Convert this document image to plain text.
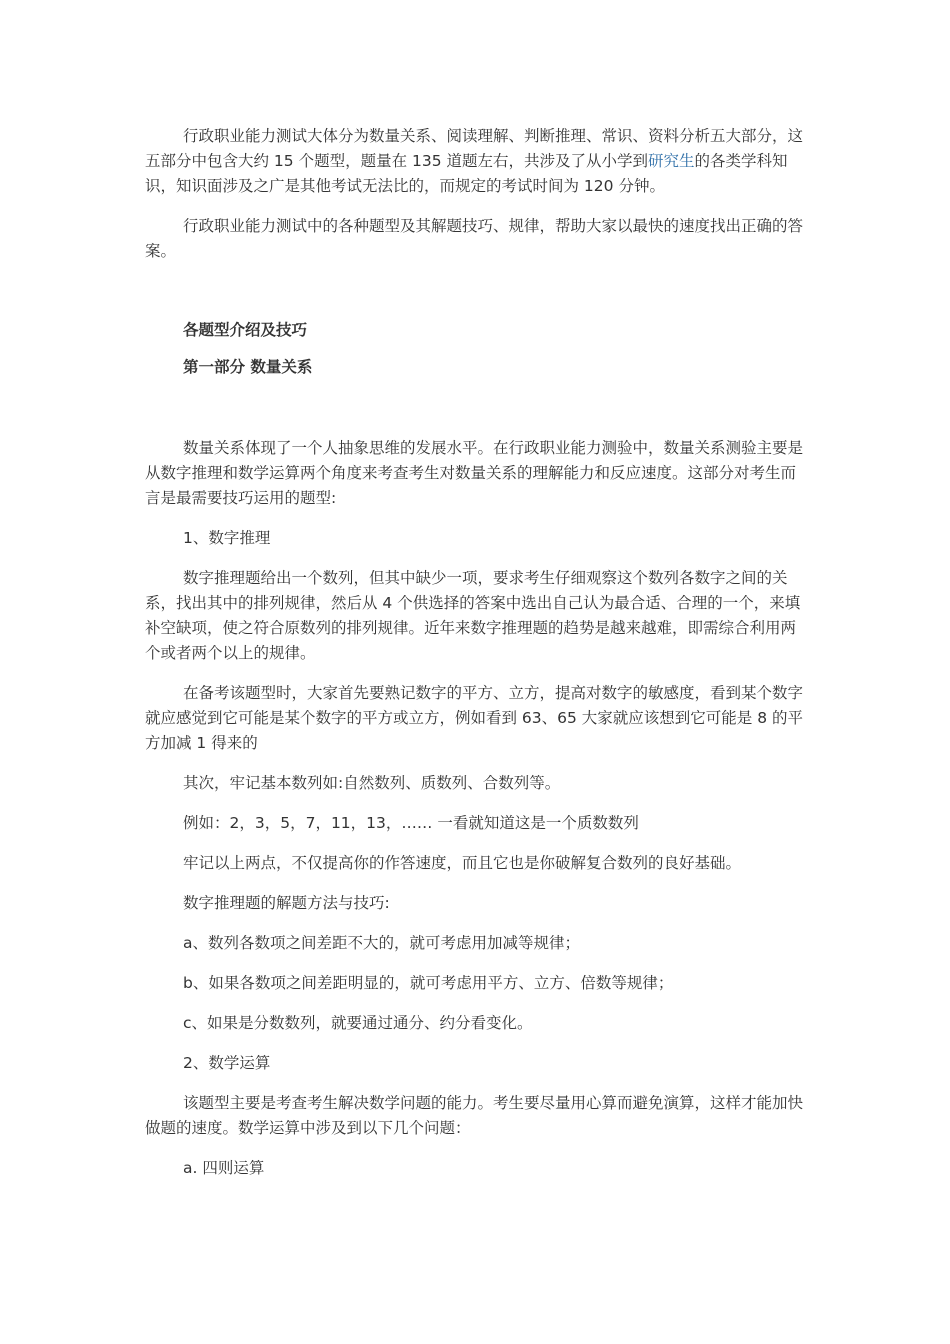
行政职业能力测试大体分为数量关系、阅读理解、判断推理、常识、资料分析五大部分，这五部分中包含大约 15 个题型，题量在 135 道题左右，共涉及了从小学到研究生的各类学科知识，知识面涉及之广是其他考试无法比的，而规定的考试时间为 120 分钟。

行政职业能力测试中的各种题型及其解题技巧、规律，帮助大家以最快的速度找出正确的答案。

各题型介绍及技巧

第一部分 数量关系

数量关系体现了一个人抽象思维的发展水平。在行政职业能力测验中，数量关系测验主要是从数字推理和数学运算两个角度来考查考生对数量关系的理解能力和反应速度。这部分对考生而言是最需要技巧运用的题型:

1、数字推理

数字推理题给出一个数列，但其中缺少一项，要求考生仔细观察这个数列各数字之间的关系，找出其中的排列规律，然后从 4 个供选择的答案中选出自己认为最合适、合理的一个，来填补空缺项，使之符合原数列的排列规律。近年来数字推理题的趋势是越来越难，即需综合利用两个或者两个以上的规律。

在备考该题型时，大家首先要熟记数字的平方、立方，提高对数字的敏感度，看到某个数字就应感觉到它可能是某个数字的平方或立方，例如看到 63、65 大家就应该想到它可能是 8 的平方加减 1 得来的

其次，牢记基本数列如:自然数列、质数列、合数列等。

例如：2，3，5，7，11，13，…… 一看就知道这是一个质数数列

牢记以上两点，不仅提高你的作答速度，而且它也是你破解复合数列的良好基础。

数字推理题的解题方法与技巧:

a、数列各数项之间差距不大的，就可考虑用加减等规律；

b、如果各数项之间差距明显的，就可考虑用平方、立方、倍数等规律；

c、如果是分数数列，就要通过通分、约分看变化。

2、数学运算

该题型主要是考查考生解决数学问题的能力。考生要尽量用心算而避免演算，这样才能加快做题的速度。数学运算中涉及到以下几个问题：

a. 四则运算
